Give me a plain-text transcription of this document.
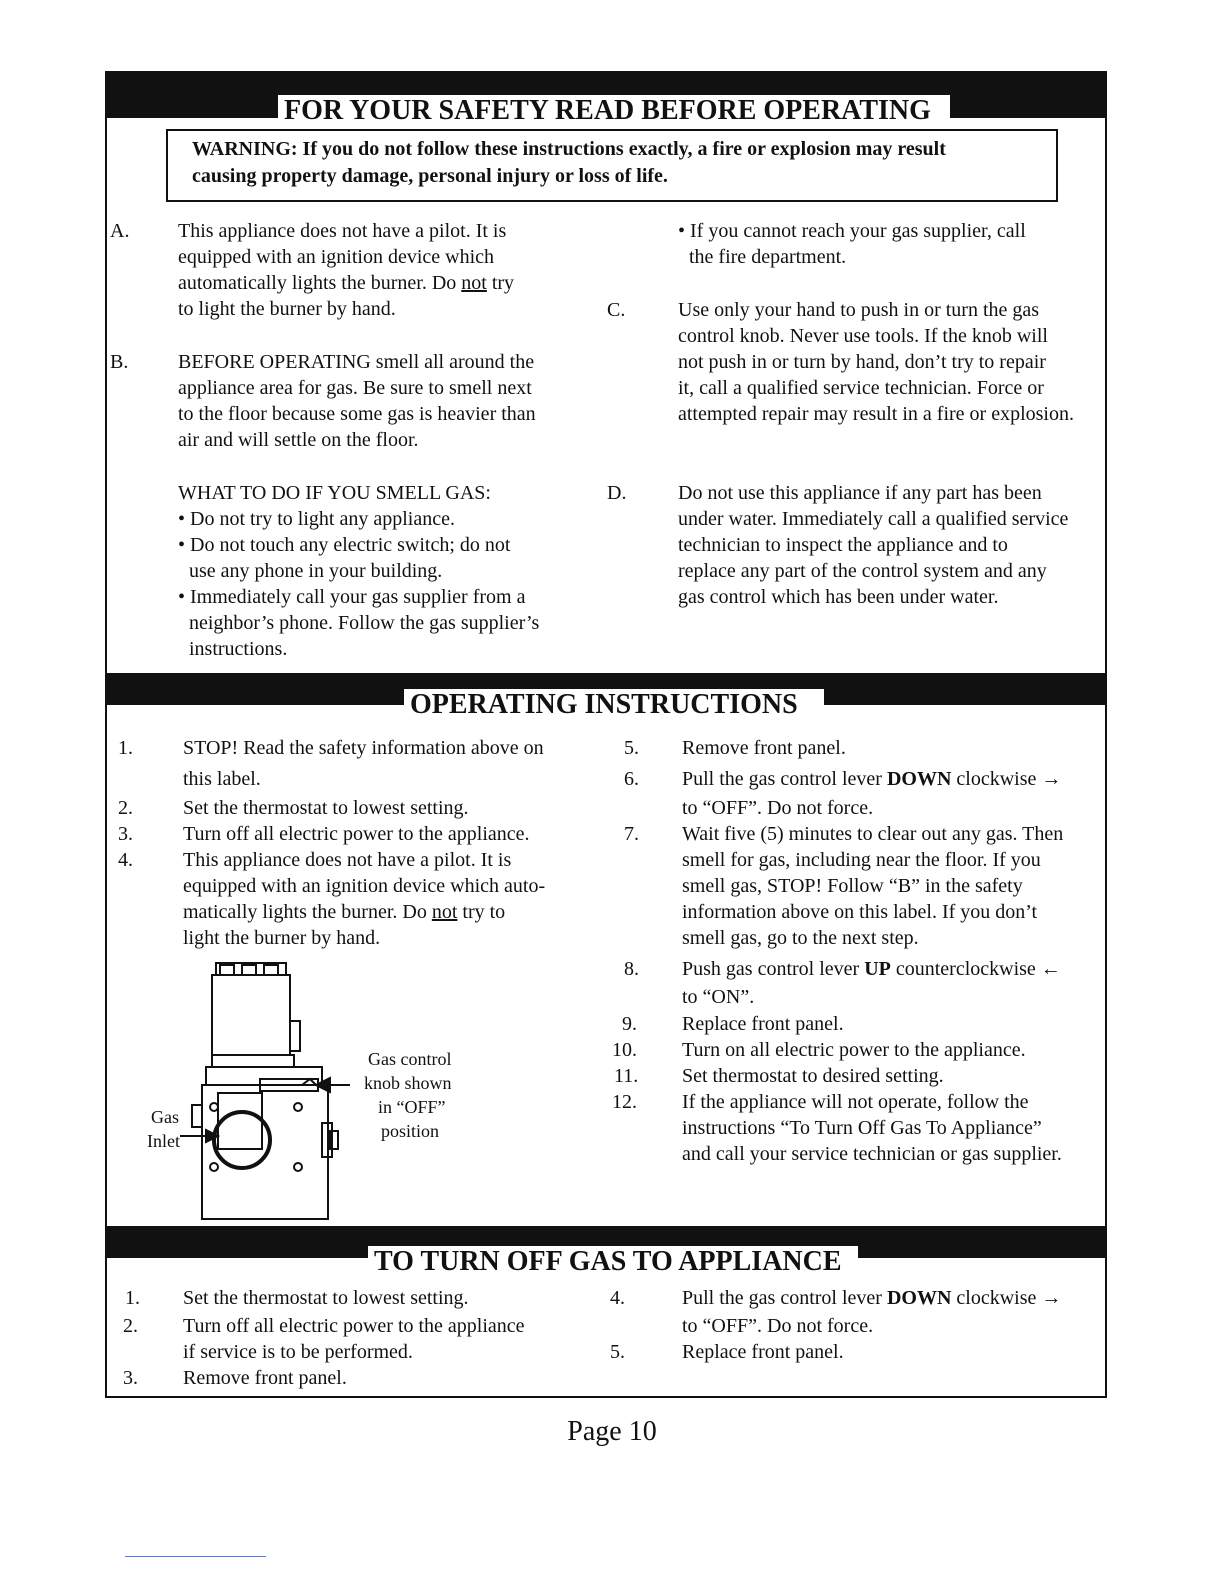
FOR YOUR SAFETY READ BEFORE OPERATING
WARNING: If you do not follow these instructions exactly, a fire or explosion may result
causing property damage, personal injury or loss of life.
A. This appliance does not have a pilot. It is
equipped with an ignition device which
automatically lights the burner. Do not try
to light the burner by hand.
B. BEFORE OPERATING smell all around the
appliance area for gas. Be sure to smell next
to the floor because some gas is heavier than
air and will settle on the floor.
WHAT TO DO IF YOU SMELL GAS:
• Do not try to light any appliance.
• Do not touch any electric switch; do not
use any phone in your building.
• Immediately call your gas supplier from a
neighbor’s phone. Follow the gas supplier’s
instructions.
• If you cannot reach your gas supplier, call
the fire department.
C.	Use only your hand to push in or turn the gas
control knob. Never use tools. If the knob will
not push in or turn by hand, don’t try to repair
it, call a qualified service technician. Force or
attempted repair may result in a fire or explosion.
D.	Do not use this appliance if any part has been
under water. Immediately call a qualified service
technician to inspect the appliance and to
replace any part of the control system and any
gas control which has been under water.
OPERATING INSTRUCTIONS
1.	STOP! Read the safety information above on
this label.
2.	Set the thermostat to lowest setting.
3.	Turn off all electric power to the appliance.
4.	This appliance does not have a pilot. It is
equipped with an ignition device which auto-
matically lights the burner. Do not try to
light the burner by hand.
Gas control
knob shown
in “OFF”
position
Gas
Inlet
5. Remove front panel.
6. Pull the gas control lever DOWN clockwise →
to “OFF”. Do not force.
7. Wait five (5) minutes to clear out any gas. Then
smell for gas, including near the floor. If you
smell gas, STOP! Follow “B” in the safety
information above on this label. If you don’t
smell gas, go to the next step.
8. Push gas control lever UP counterclockwise ←
to “ON”.
9. Replace front panel.
10. Turn on all electric power to the appliance.
11. Set thermostat to desired setting.
12. If the appliance will not operate, follow the
instructions “To Turn Off Gas To Appliance”
and call your service technician or gas supplier.
TO TURN OFF GAS TO APPLIANCE
1. Set the thermostat to lowest setting.
2. Turn off all electric power to the appliance
if service is to be performed.
3. Remove front panel.
4.	Pull the gas control lever DOWN clockwise →
to “OFF”. Do not force.
5.	Replace front panel.
Page 10
